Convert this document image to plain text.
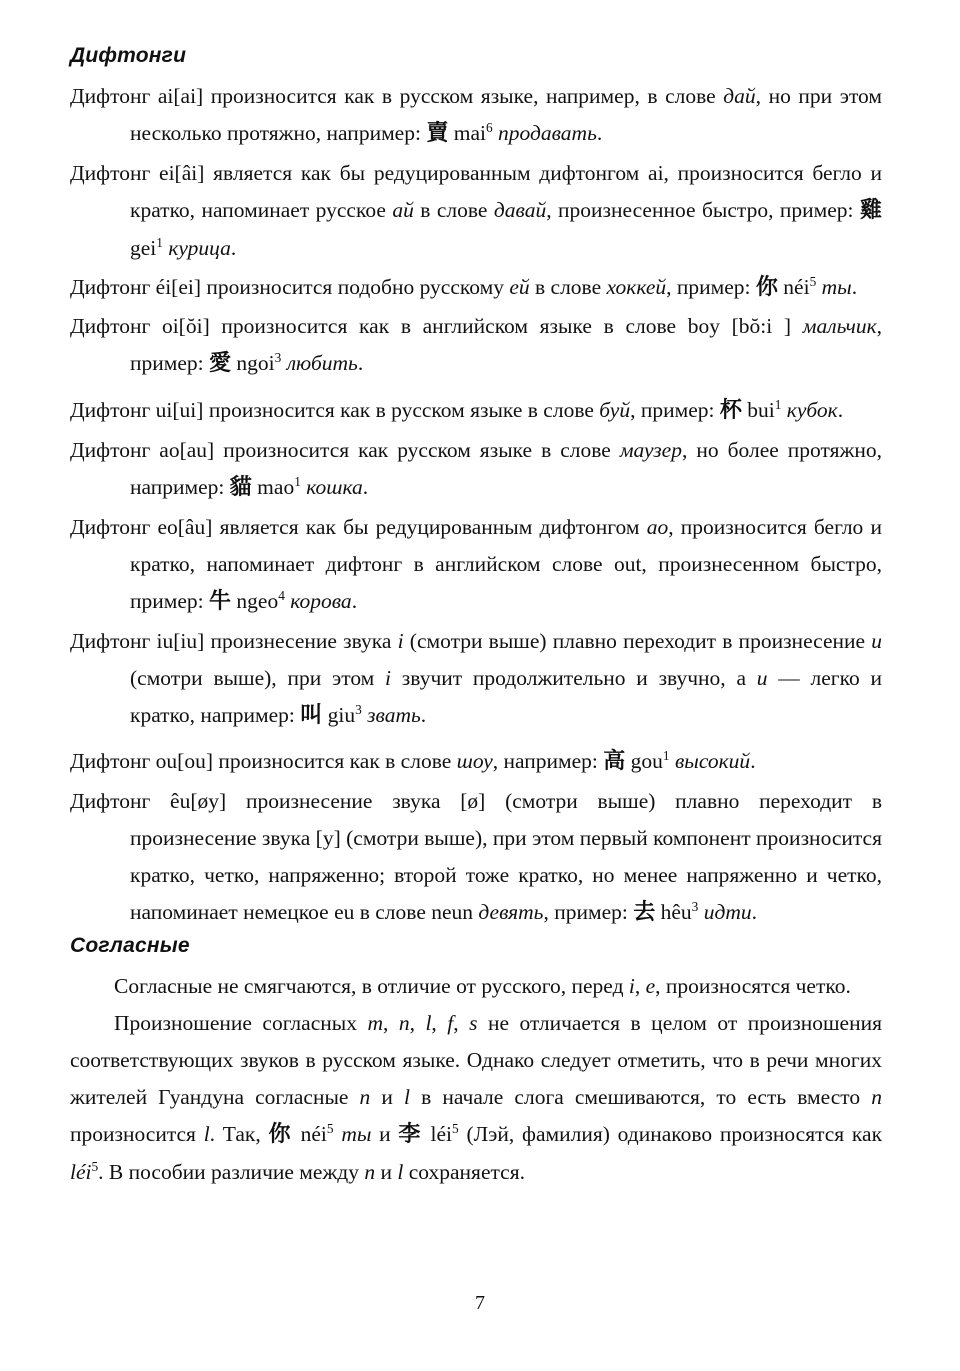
Дифтонги

Дифтонг ai[ai] произносится как в русском языке, например, в слове дай, но при этом несколько протяжно, например: 賣 mai$^6$ продавать.

Дифтонг ei[âi] является как бы редуцированным дифтонгом ai, произносится бегло и кратко, напоминает русское ай в слове давай, произнесенное быстро, пример: 雞 gei$^1$ курица.

Дифтонг éi[ei] произносится подобно русскому ей в слове хоккей, пример: 你 néi$^5$ ты.

Дифтонг oi[ŏi] произносится как в английском языке в слове boy [bŏ:i ] мальчик, пример: 愛 ngoi$^3$ любить.

Дифтонг ui[ui] произносится как в русском языке в слове буй, пример: 杯 bui$^1$ кубок.

Дифтонг ao[au] произносится как русском языке в слове маузер, но более протяжно, например: 貓 mao$^1$ кошка.

Дифтонг eo[âu] является как бы редуцированным дифтонгом ао, произносится бегло и кратко, напоминает дифтонг в английском слове out, произнесенном быстро, пример: 牛 ngeo$^4$ корова.

Дифтонг iu[iu] произнесение звука i (смотри выше) плавно переходит в произнесение u (смотри выше), при этом i звучит продолжительно и звучно, а u — легко и кратко, например: 叫 giu$^3$ звать.

Дифтонг ou[ou] произносится как в слове шоу, например: 高 gou$^1$ высокий.

Дифтонг êu[øy] произнесение звука [ø] (смотри выше) плавно переходит в произнесение звука [y] (смотри выше), при этом первый компонент произносится кратко, четко, напряженно; второй тоже кратко, но менее напряженно и четко, напоминает немецкое eu в слове neun девять, пример: 去 hêu$^3$ идти.

Согласные

Согласные не смягчаются, в отличие от русского, перед i, e, произносятся четко.

Произношение согласных m, n, l, f, s не отличается в целом от произношения соответствующих звуков в русском языке. Однако следует отметить, что в речи многих жителей Гуандуна согласные n и l в начале слога смешиваются, то есть вместо n произносится l. Так, 你 néi$^5$ ты и 李 léi$^5$ (Лэй, фамилия) одинаково произносятся как léi$^5$. В пособии различие между n и l сохраняется.

7
